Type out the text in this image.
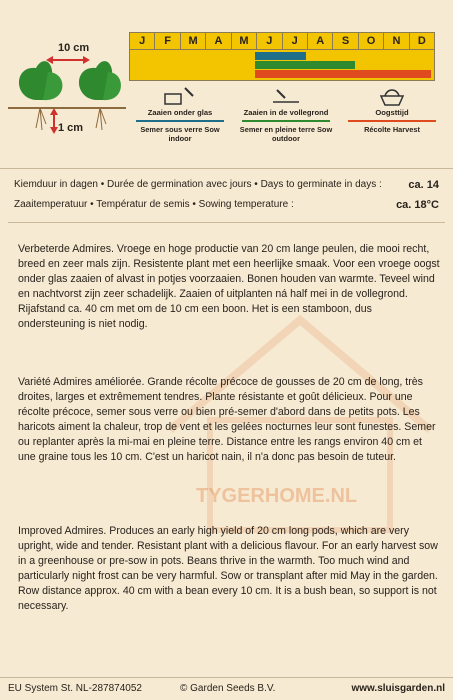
10 cm
1 cm
J	F	M	A	M	J	J	A	S	O	N	D
Zaaien onder glas
Semer sous verre Sow indoor
Zaaien in de vollegrond
Semer en pleine terre Sow outdoor
Oogsttijd
Récolte Harvest
Kiemduur in dagen • Durée de germination avec jours • Days to germinate in days : ca. 14
Zaaitemperatuur • Températur de semis • Sowing temperature :	ca. 18°C
TYGERHOME.NL

Verbeterde Admires. Vroege en hoge productie van 20 cm lange peulen, die mooi recht, breed en zeer mals zijn. Resistente plant met een heerlijke smaak. Voor een vroege oogst onder glas zaaien of alvast in potjes voorzaaien. Bonen houden van warmte. Teveel wind en nachtvorst zijn zeer schadelijk. Zaaien of uitplanten ná half mei in de vollegrond. Rijafstand ca. 40 cm met om de 10 cm een boon. Het is een stamboon, dus ondersteuning is niet nodig.

Variété Admires améliorée. Grande récolte précoce de gousses de 20 cm de long, très droites, larges et extrêmement tendres. Plante résistante et goût délicieux. Pour une récolte précoce, semer sous verre ou bien pré-semer d'abord dans de petits pots. Les haricots aiment la chaleur, trop de vent et les gelées nocturnes leur sont funestes. Semer ou replanter après la mi-mai en pleine terre. Distance entre les rangs environ 40 cm et une graine tous les 10 cm. C'est un haricot nain, il n'a donc pas besoin de tuteur.

Improved Admires. Produces an early high yield of 20 cm long pods, which are very upright, wide and tender. Resistant plant with a delicious flavour. For an early harvest sow in a greenhouse or pre-sow in pots. Beans thrive in the warmth. Too much wind and particularly night frost can be very harmful. Sow or transplant after mid May in the garden. Row distance approx. 40 cm with a bean every 10 cm. It is a bush bean, so support is not necessary.

EU System St. NL-287874052	© Garden Seeds B.V.	www.sluisgarden.nl
